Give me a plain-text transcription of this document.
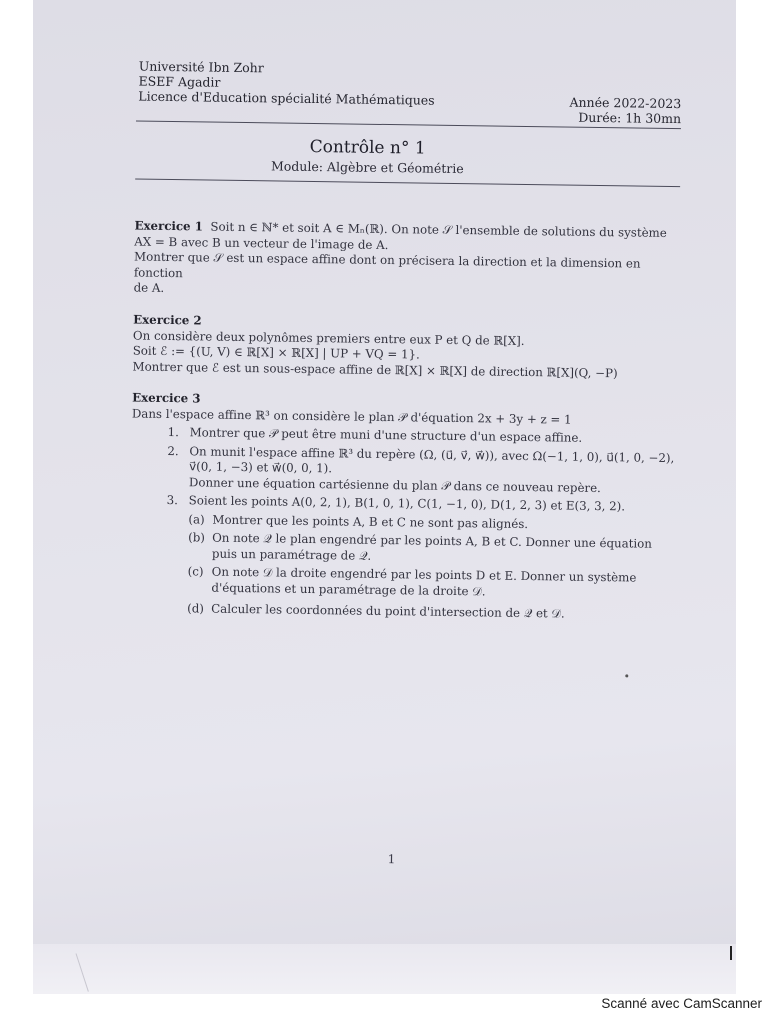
Université Ibn Zohr
ESEF Agadir
Licence d'Education spécialité Mathématiques	Année 2022-2023
Durée: 1h 30mn
Contrôle n° 1
Module: Algèbre et Géométrie

Exercice 1 Soit n ∈ ℕ* et soit A ∈ Mₙ(ℝ). On note 𝒮 l'ensemble de solutions du système

AX = B avec B un vecteur de l'image de A.

Montrer que 𝒮 est un espace affine dont on précisera la direction et la dimension en fonction

de A.

Exercice 2

On considère deux polynômes premiers entre eux P et Q de ℝ[X].

Soit ℰ := {(U, V) ∈ ℝ[X] × ℝ[X] | UP + VQ = 1}.

Montrer que ℰ est un sous-espace affine de ℝ[X] × ℝ[X] de direction ℝ[X](Q, −P)

Exercice 3

Dans l'espace affine ℝ³ on considère le plan 𝒫 d'équation 2x + 3y + z = 1

1. Montrer que 𝒫 peut être muni d'une structure d'un espace affine.
2. On munit l'espace affine ℝ³ du repère (Ω, (u⃗, v⃗, w⃗)), avec Ω(−1, 1, 0), u⃗(1, 0, −2), v⃗(0, 1, −3) et w⃗(0, 0, 1).
Donner une équation cartésienne du plan 𝒫 dans ce nouveau repère.
3. Soient les points A(0, 2, 1), B(1, 0, 1), C(1, −1, 0), D(1, 2, 3) et E(3, 3, 2).
(a) Montrer que les points A, B et C ne sont pas alignés.
(b) On note 𝒬 le plan engendré par les points A, B et C. Donner une équation puis un paramétrage de 𝒬.
(c) On note 𝒟 la droite engendré par les points D et E. Donner un système d'équations et un paramétrage de la droite 𝒟.
(d) Calculer les coordonnées du point d'intersection de 𝒬 et 𝒟.
1
Scanné avec CamScanner
